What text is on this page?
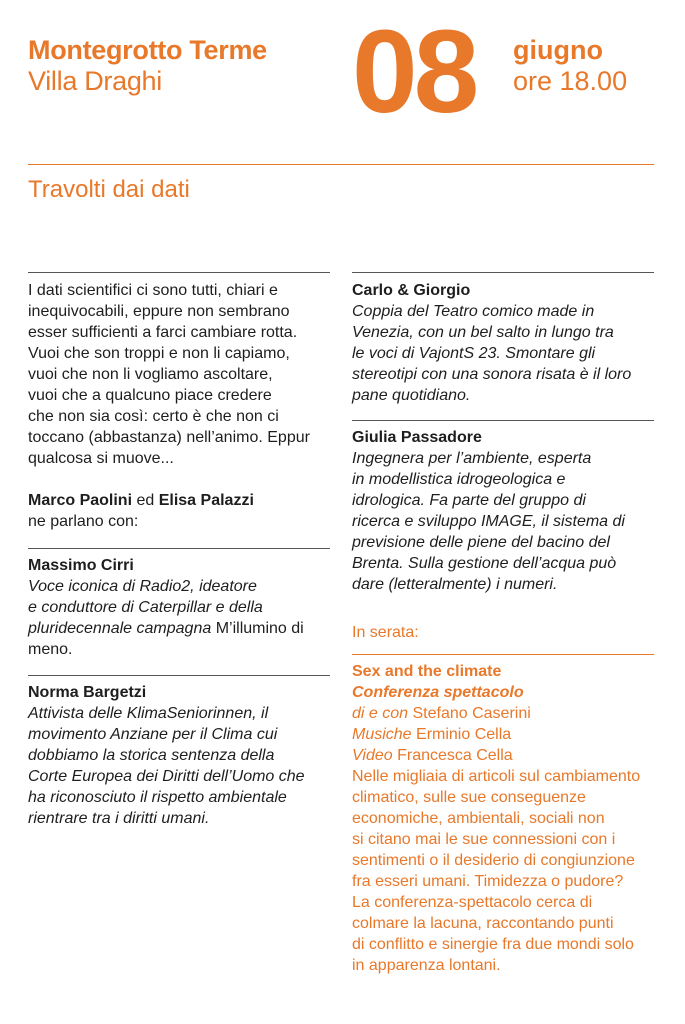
Montegrotto Terme
Villa Draghi	08 giugno
ore 18.00
Travolti dai dati

I dati scientifici ci sono tutti, chiari e

inequivocabili, eppure non sembrano

esser sufficienti a farci cambiare rotta.

Vuoi che son troppi e non li capiamo,

vuoi che non li vogliamo ascoltare,

vuoi che a qualcuno piace credere

che non sia così: certo è che non ci

toccano (abbastanza) nell’animo. Eppur

qualcosa si muove...

Marco Paolini ed Elisa Palazzi

ne parlano con:

Massimo Cirri

Voce iconica di Radio2, ideatore

e conduttore di Caterpillar e della

pluridecennale campagna M’illumino di

meno.

Norma Bargetzi

Attivista delle KlimaSeniorinnen, il

movimento Anziane per il Clima cui

dobbiamo la storica sentenza della

Corte Europea dei Diritti dell’Uomo che

ha riconosciuto il rispetto ambientale

rientrare tra i diritti umani.

Carlo & Giorgio

Coppia del Teatro comico made in

Venezia, con un bel salto in lungo tra

le voci di VajontS 23. Smontare gli

stereotipi con una sonora risata è il loro

pane quotidiano.

Giulia Passadore

Ingegnera per l’ambiente, esperta

in modellistica idrogeologica e

idrologica. Fa parte del gruppo di

ricerca e sviluppo IMAGE, il sistema di

previsione delle piene del bacino del

Brenta. Sulla gestione dell’acqua può

dare (letteralmente) i numeri.

In serata:

Sex and the climate

Conferenza spettacolo

di e con Stefano Caserini

Musiche Erminio Cella

Video Francesca Cella

Nelle migliaia di articoli sul cambiamento

climatico, sulle sue conseguenze

economiche, ambientali, sociali non

si citano mai le sue connessioni con i

sentimenti o il desiderio di congiunzione

fra esseri umani. Timidezza o pudore?

La conferenza-spettacolo cerca di

colmare la lacuna, raccontando punti

di conflitto e sinergie fra due mondi solo

in apparenza lontani.
